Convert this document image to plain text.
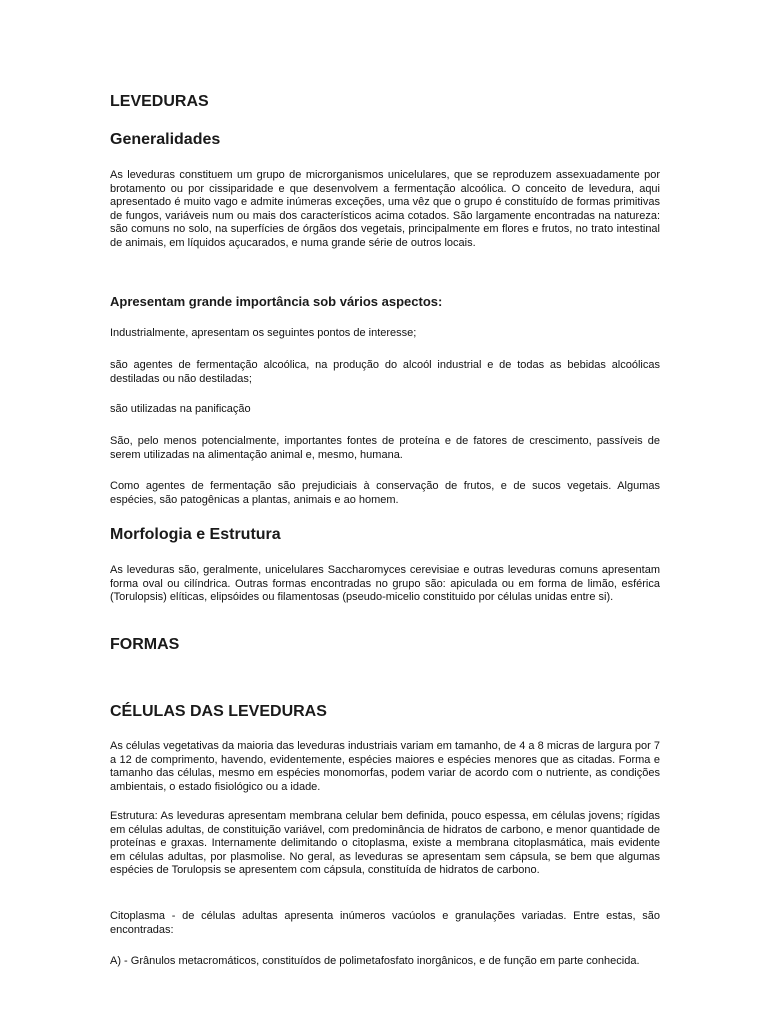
LEVEDURAS
Generalidades

As leveduras constituem um grupo de microrganismos unicelulares, que se reproduzem assexuadamente por brotamento ou por cissiparidade e que desenvolvem a fermentação alcoólica. O conceito de levedura, aqui apresentado é muito vago e admite inúmeras exceções, uma vêz que o grupo é constituído de formas primitivas de fungos, variáveis num ou mais dos característicos acima cotados. São largamente encontradas na natureza: são comuns no solo, na superfícies de órgãos dos vegetais, principalmente em flores e frutos, no trato intestinal de animais, em líquidos açucarados, e numa grande série de outros locais.

Apresentam grande importância sob vários aspectos:

Industrialmente, apresentam os seguintes pontos de interesse;

são agentes de fermentação alcoólica, na produção do alcoól industrial e de todas as bebidas alcoólicas destiladas ou não destiladas;

são utilizadas na panificação

São, pelo menos potencialmente, importantes fontes de proteína e de fatores de crescimento, passíveis de serem utilizadas na alimentação animal e, mesmo, humana.

Como agentes de fermentação são prejudiciais à conservação de frutos, e de sucos vegetais. Algumas espécies, são patogênicas a plantas, animais e ao homem.

Morfologia e Estrutura

As leveduras são, geralmente, unicelulares Saccharomyces cerevisiae e outras leveduras comuns apresentam forma oval ou cilíndrica. Outras formas encontradas no grupo são: apiculada ou em forma de limão, esférica (Torulopsis) elíticas, elipsóides ou filamentosas (pseudo-micelio constituido por células unidas entre si).

FORMAS
CÉLULAS DAS LEVEDURAS

As células vegetativas da maioria das leveduras industriais variam em tamanho, de 4 a 8 micras de largura por 7 a 12 de comprimento, havendo, evidentemente, espécies maiores e espécies menores que as citadas. Forma e tamanho das células, mesmo em espécies monomorfas, podem variar de acordo com o nutriente, as condições ambientais, o estado fisiológico ou a idade.

Estrutura: As leveduras apresentam membrana celular bem definida, pouco espessa, em células jovens; rígidas em células adultas, de constituição variável, com predominância de hidratos de carbono, e menor quantidade de proteínas e graxas. Internamente delimitando o citoplasma, existe a membrana citoplasmática, mais evidente em células adultas, por plasmolise. No geral, as leveduras se apresentam sem cápsula, se bem que algumas espécies de Torulopsis se apresentem com cápsula, constituída de hidratos de carbono.

Citoplasma - de células adultas apresenta inúmeros vacúolos e granulações variadas. Entre estas, são encontradas:

A) - Grânulos metacromáticos, constituídos de polimetafosfato inorgânicos, e de função em parte conhecida.
